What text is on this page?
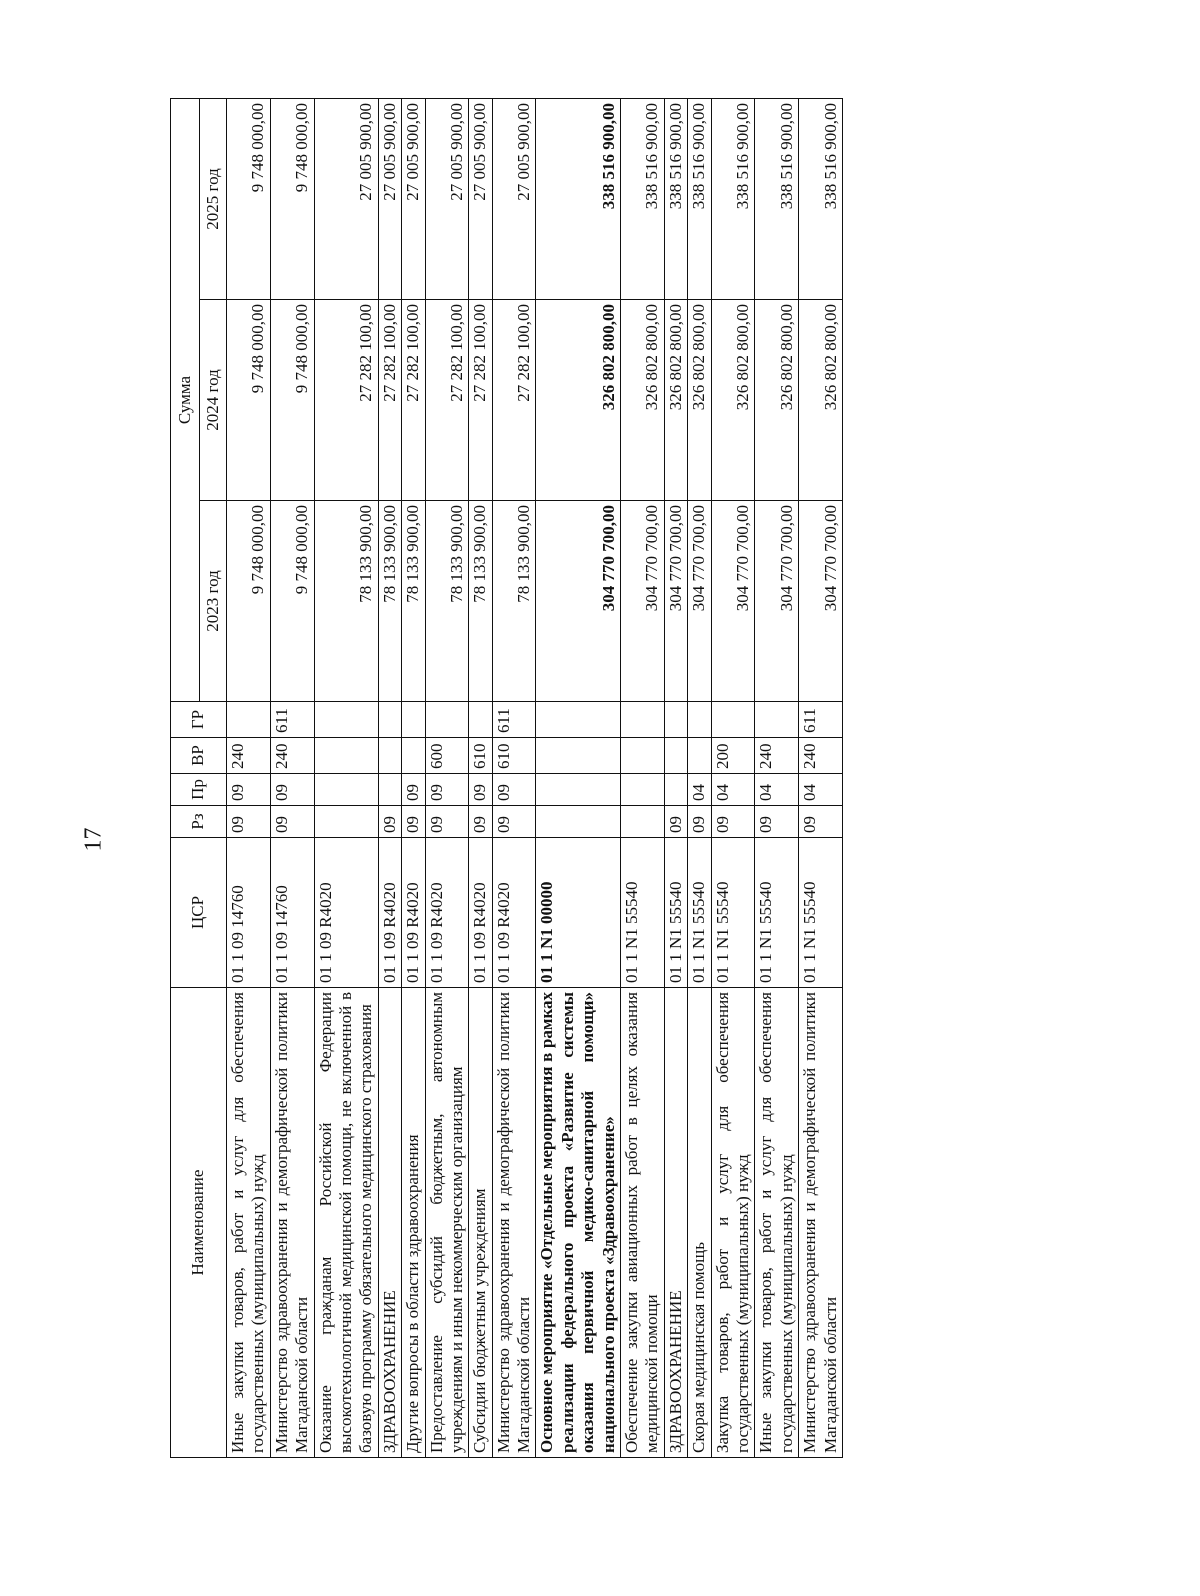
17
Наименование	ЦСР	Рз	Пр	ВР	ГР	Сумма		
						2023 год	2024 год	2025 год
Иные закупки товаров, работ и услуг для обеспечения государственных (муниципальных) нужд	01 1 09 14760	09	09	240		9 748 000,00	9 748 000,00	9 748 000,00
Министерство здравоохранения и демографической политики Магаданской области	01 1 09 14760	09	09	240	611	9 748 000,00	9 748 000,00	9 748 000,00
Оказание гражданам Российской Федерации высокотехнологичной медицинской помощи, не включенной в базовую программу обязательного медицинского страхования	01 1 09 R4020					78 133 900,00	27 282 100,00	27 005 900,00
ЗДРАВООХРАНЕНИЕ	01 1 09 R4020	09				78 133 900,00	27 282 100,00	27 005 900,00
Другие вопросы в области здравоохранения	01 1 09 R4020	09	09			78 133 900,00	27 282 100,00	27 005 900,00
Предоставление субсидий бюджетным, автономным учреждениям и иным некоммерческим организациям	01 1 09 R4020	09	09	600		78 133 900,00	27 282 100,00	27 005 900,00
Субсидии бюджетным учреждениям	01 1 09 R4020	09	09	610		78 133 900,00	27 282 100,00	27 005 900,00
Министерство здравоохранения и демографической политики Магаданской области	01 1 09 R4020	09	09	610	611	78 133 900,00	27 282 100,00	27 005 900,00
Основное мероприятие «Отдельные мероприятия в рамках реализации федерального проекта «Развитие системы оказания первичной медико-санитарной помощи» национального проекта «Здравоохранение»	01 1 N1 00000					304 770 700,00	326 802 800,00	338 516 900,00
Обеспечение закупки авиационных работ в целях оказания медицинской помощи	01 1 N1 55540					304 770 700,00	326 802 800,00	338 516 900,00
ЗДРАВООХРАНЕНИЕ	01 1 N1 55540	09				304 770 700,00	326 802 800,00	338 516 900,00
Скорая медицинская помощь	01 1 N1 55540	09	04			304 770 700,00	326 802 800,00	338 516 900,00
Закупка товаров, работ и услуг для обеспечения государственных (муниципальных) нужд	01 1 N1 55540	09	04	200		304 770 700,00	326 802 800,00	338 516 900,00
Иные закупки товаров, работ и услуг для обеспечения государственных (муниципальных) нужд	01 1 N1 55540	09	04	240		304 770 700,00	326 802 800,00	338 516 900,00
Министерство здравоохранения и демографической политики Магаданской области	01 1 N1 55540	09	04	240	611	304 770 700,00	326 802 800,00	338 516 900,00
